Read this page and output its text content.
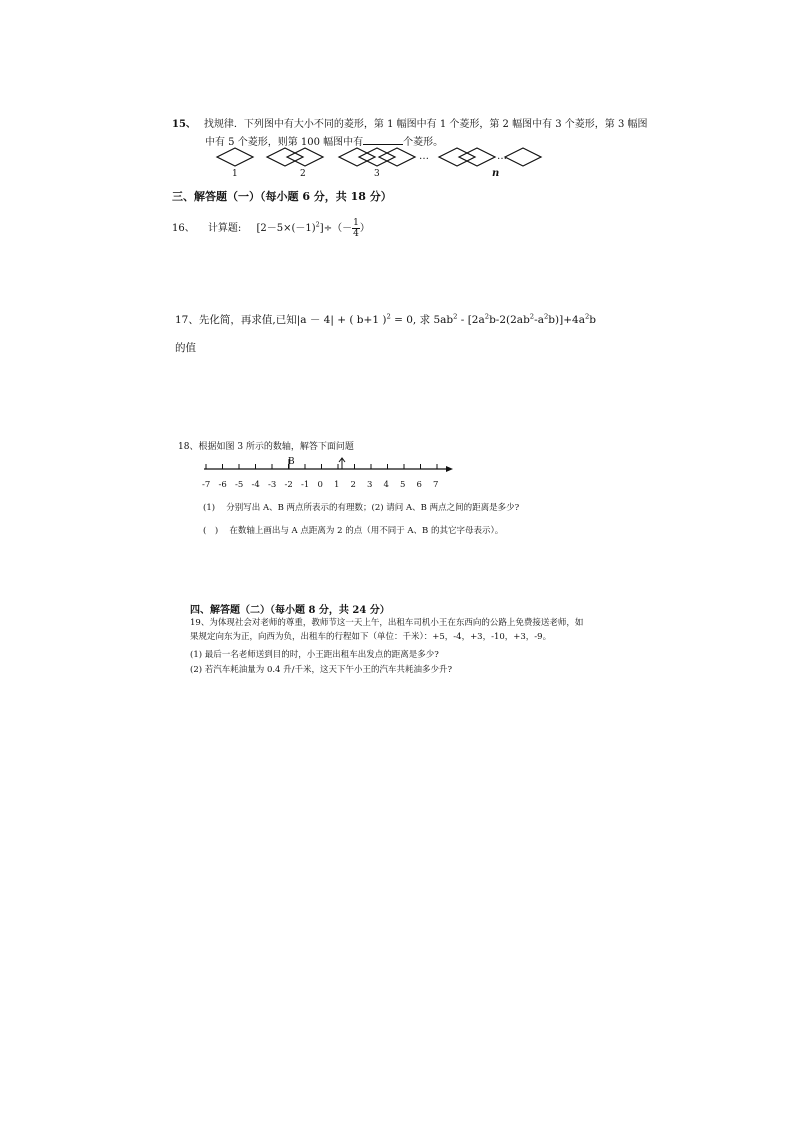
15、 找规律．下列图中有大小不同的菱形，第 1 幅图中有 1 个菱形，第 2 幅图中有 3 个菱形，第 3 幅图
中有 5 个菱形，则第 100 幅图中有	个菱形。
…	…
1	2	3	n
三、解答题（一）（每小题 6 分，共 18 分）
16、 计算题: $[2-5\times(-1)^2]\div(- \frac{1}{4}$ ）
17、先化简，再求值,已知|a － 4| + ( b+1 )$^2$ = 0, 求 $5ab^2 - [2a^2b-2(2ab^2-a^2b)]+4a^2b$
的值
18、根据如图 3 所示的数轴，解答下面问题
B
-7 -6 -5 -4 -3 -2 -1 0 1 2 3 4 5 6 7
(1)　 分别写出 A、B 两点所表示的有理数；(2) 请问 A、B 两点之间的距离是多少?
(　)　 在数轴上画出与 A 点距离为 2 的点（用不同于 A、B 的其它字母表示）。
四、解答题（二）（每小题 8 分，共 24 分）
19、为体现社会对老师的尊重，教师节这一天上午，出租车司机小王在东西向的公路上免费接送老师，如
果规定向东为正，向西为负，出租车的行程如下（单位：千米）：+5，-4，+3，-10，+3，-9。
(1) 最后一名老师送到目的时，小王距出租车出发点的距离是多少?
(2) 若汽车耗油量为 0.4 升/千米，这天下午小王的汽车共耗油多少升?
